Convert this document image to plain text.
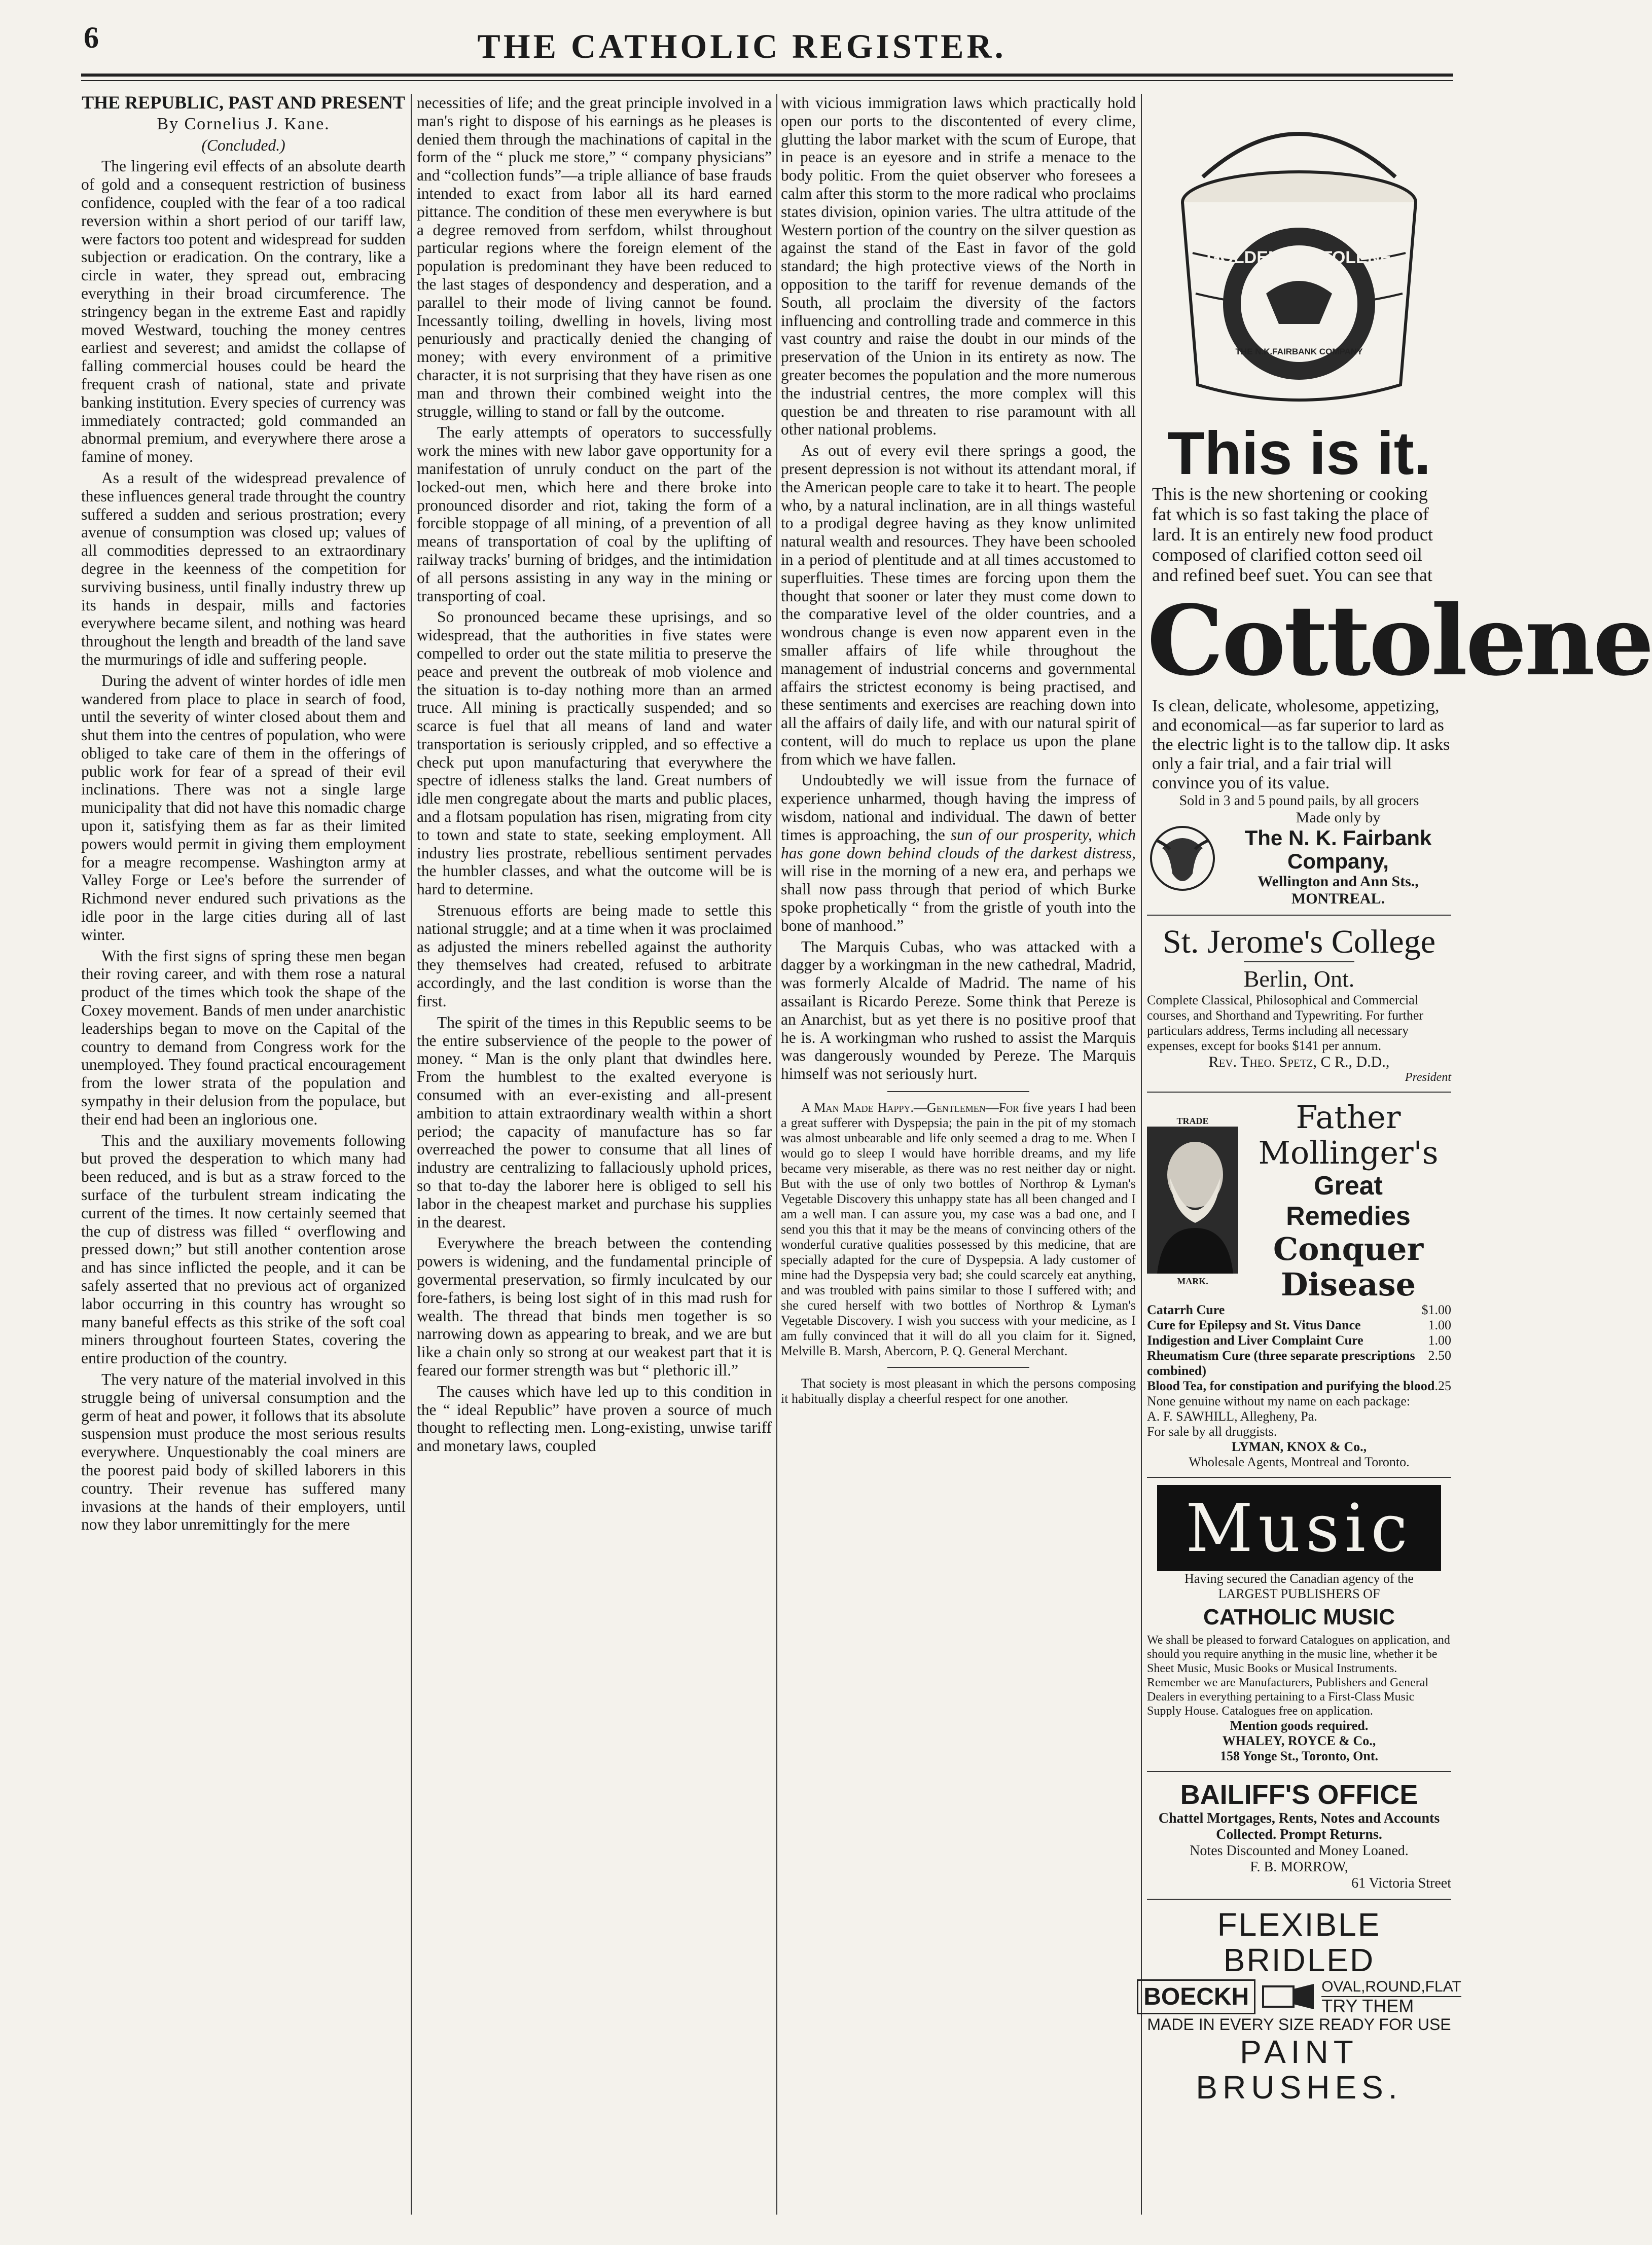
6	THE CATHOLIC REGISTER.

THE REPUBLIC, PAST AND PRESENT

By Cornelius J. Kane.

(Concluded.)

The lingering evil effects of an absolute dearth of gold and a consequent restriction of business confidence, coupled with the fear of a too radical reversion within a short period of our tariff law, were factors too potent and widespread for sudden subjection or eradication. On the contrary, like a circle in water, they spread out, embracing everything in their broad circumference. The stringency began in the extreme East and rapidly moved Westward, touching the money centres earliest and severest; and amidst the collapse of falling commercial houses could be heard the frequent crash of national, state and private banking institution. Every species of currency was immediately contracted; gold commanded an abnormal premium, and everywhere there arose a famine of money.

As a result of the widespread prevalence of these influences general trade throught the country suffered a sudden and serious prostration; every avenue of consumption was closed up; values of all commodities depressed to an extraordinary degree in the keenness of the competition for surviving business, until finally industry threw up its hands in despair, mills and factories everywhere became silent, and nothing was heard throughout the length and breadth of the land save the murmurings of idle and suffering people.

During the advent of winter hordes of idle men wandered from place to place in search of food, until the severity of winter closed about them and shut them into the centres of population, who were obliged to take care of them in the offerings of public work for fear of a spread of their evil inclinations. There was not a single large municipality that did not have this nomadic charge upon it, satisfying them as far as their limited powers would permit in giving them employment for a meagre recompense. Washington army at Valley Forge or Lee's before the surrender of Richmond never endured such privations as the idle poor in the large cities during all of last winter.

With the first signs of spring these men began their roving career, and with them rose a natural product of the times which took the shape of the Coxey movement. Bands of men under anarchistic leaderships began to move on the Capital of the country to demand from Congress work for the unemployed. They found practical encouragement from the lower strata of the population and sympathy in their delusion from the populace, but their end had been an inglorious one.

This and the auxiliary movements following but proved the desperation to which many had been reduced, and is but as a straw forced to the surface of the turbulent stream indicating the current of the times. It now certainly seemed that the cup of distress was filled “ overflowing and pressed down;” but still another contention arose and has since inflicted the people, and it can be safely asserted that no previous act of organized labor occurring in this country has wrought so many baneful effects as this strike of the soft coal miners throughout fourteen States, covering the entire production of the country.

The very nature of the material involved in this struggle being of universal consumption and the germ of heat and power, it follows that its absolute suspension must produce the most serious results everywhere. Unquestionably the coal miners are the poorest paid body of skilled laborers in this country. Their revenue has suffered many invasions at the hands of their employers, until now they labor unremittingly for the mere

necessities of life; and the great principle involved in a man's right to dispose of his earnings as he pleases is denied them through the machinations of capital in the form of the “ pluck me store,” “ company physicians” and “collection funds”—a triple alliance of base frauds intended to exact from labor all its hard earned pittance. The condition of these men everywhere is but a degree removed from serfdom, whilst throughout particular regions where the foreign element of the population is predominant they have been reduced to the last stages of despondency and desperation, and a parallel to their mode of living cannot be found. Incessantly toiling, dwelling in hovels, living most penuriously and practically denied the changing of money; with every environment of a primitive character, it is not surprising that they have risen as one man and thrown their combined weight into the struggle, willing to stand or fall by the outcome.

The early attempts of operators to successfully work the mines with new labor gave opportunity for a manifestation of unruly conduct on the part of the locked-out men, which here and there broke into pronounced disorder and riot, taking the form of a forcible stoppage of all mining, of a prevention of all means of transportation of coal by the uplifting of railway tracks' burning of bridges, and the intimidation of all persons assisting in any way in the mining or transporting of coal.

So pronounced became these uprisings, and so widespread, that the authorities in five states were compelled to order out the state militia to preserve the peace and prevent the outbreak of mob violence and the situation is to-day nothing more than an armed truce. All mining is practically suspended; and so scarce is fuel that all means of land and water transportation is seriously crippled, and so effective a check put upon manufacturing that everywhere the spectre of idleness stalks the land. Great numbers of idle men congregate about the marts and public places, and a flotsam population has risen, migrating from city to town and state to state, seeking employment. All industry lies prostrate, rebellious sentiment pervades the humbler classes, and what the outcome will be is hard to determine.

Strenuous efforts are being made to settle this national struggle; and at a time when it was proclaimed as adjusted the miners rebelled against the authority they themselves had created, refused to arbitrate accordingly, and the last condition is worse than the first.

The spirit of the times in this Republic seems to be the entire subservience of the people to the power of money. “ Man is the only plant that dwindles here. From the humblest to the exalted everyone is consumed with an ever-existing and all-present ambition to attain extraordinary wealth within a short period; the capacity of manufacture has so far overreached the power to consume that all lines of industry are centralizing to fallaciously uphold prices, so that to-day the laborer here is obliged to sell his labor in the cheapest market and purchase his supplies in the dearest.

Everywhere the breach between the contending powers is widening, and the fundamental principle of govermental preservation, so firmly inculcated by our fore-fathers, is being lost sight of in this mad rush for wealth. The thread that binds men together is so narrowing down as appearing to break, and we are but like a chain only so strong at our weakest part that it is feared our former strength was but “ plethoric ill.”

The causes which have led up to this condition in the “ ideal Republic” have proven a source of much thought to reflecting men. Long-existing, unwise tariff and monetary laws, coupled

with vicious immigration laws which practically hold open our ports to the discontented of every clime, glutting the labor market with the scum of Europe, that in peace is an eyesore and in strife a menace to the body politic. From the quiet observer who foresees a calm after this storm to the more radical who proclaims states division, opinion varies. The ultra attitude of the Western portion of the country on the silver question as against the stand of the East in favor of the gold standard; the high protective views of the North in opposition to the tariff for revenue demands of the South, all proclaim the diversity of the factors influencing and controlling trade and commerce in this vast country and raise the doubt in our minds of the preservation of the Union in its entirety as now. The greater becomes the population and the more numerous the industrial centres, the more complex will this question be and threaten to rise paramount with all other national problems.

As out of every evil there springs a good, the present depression is not without its attendant moral, if the American people care to take it to heart. The people who, by a natural inclination, are in all things wasteful to a prodigal degree having as they know unlimited natural wealth and resources. They have been schooled in a period of plentitude and at all times accustomed to superfluities. These times are forcing upon them the thought that sooner or later they must come down to the comparative level of the older countries, and a wondrous change is even now apparent even in the smaller affairs of life while throughout the management of industrial concerns and governmental affairs the strictest economy is being practised, and these sentiments and exercises are reaching down into all the affairs of daily life, and with our natural spirit of content, will do much to replace us upon the plane from which we have fallen.

Undoubtedly we will issue from the furnace of experience unharmed, though having the impress of wisdom, national and individual. The dawn of better times is approaching, the sun of our prosperity, which has gone down behind clouds of the darkest distress, will rise in the morning of a new era, and perhaps we shall now pass through that period of which Burke spoke prophetically “ from the gristle of youth into the bone of manhood.”

The Marquis Cubas, who was attacked with a dagger by a workingman in the new cathedral, Madrid, was formerly Alcalde of Madrid. The name of his assailant is Ricardo Pereze. Some think that Pereze is an Anarchist, but as yet there is no positive proof that he is. A workingman who rushed to assist the Marquis was dangerously wounded by Pereze. The Marquis himself was not seriously hurt.

A Man Made Happy.—Gentlemen—For five years I had been a great sufferer with Dyspepsia; the pain in the pit of my stomach was almost unbearable and life only seemed a drag to me. When I would go to sleep I would have horrible dreams, and my life became very miserable, as there was no rest neither day or night. But with the use of only two bottles of Northrop & Lyman's Vegetable Discovery this unhappy state has all been changed and I am a well man. I can assure you, my case was a bad one, and I send you this that it may be the means of convincing others of the wonderful curative qualities possessed by this medicine, that are specially adapted for the cure of Dyspepsia. A lady customer of mine had the Dyspepsia very bad; she could scarcely eat anything, and was troubled with pains similar to those I suffered with; and she cured herself with two bottles of Northrop & Lyman's Vegetable Discovery. I wish you success with your medicine, as I am fully convinced that it will do all you claim for it. Signed, Melville B. Marsh, Abercorn, P. Q. General Merchant.

That society is most pleasant in which the persons composing it habitually display a cheerful respect for one another.

GOLDEN COTTOLENE
THE N.K.FAIRBANK COMPANY
This is it.
This is the new shortening or cooking fat which is so fast taking the place of lard. It is an entirely new food product composed of clarified cotton seed oil and refined beef suet. You can see that
Cottolene
Is clean, delicate, wholesome, appetizing, and economical—as far superior to lard as the electric light is to the tallow dip. It asks only a fair trial, and a fair trial will convince you of its value.
Sold in 3 and 5 pound pails, by all grocers
Made only by
The N. K. Fairbank Company,
Wellington and Ann Sts., MONTREAL.
St. Jerome's College
Berlin, Ont.
Complete Classical, Philosophical and Commercial courses, and Shorthand and Typewriting. For further particulars address, Terms including all necessary expenses, except for books $141 per annum.
Rev. Theo. Spetz, C R., D.D.,
President
TRADE
MARK.
Father Mollinger's
Great
Remedies
Conquer Disease
Catarrh Cure	$1.00
Cure for Epilepsy and St. Vitus Dance	1.00
Indigestion and Liver Complaint Cure	1.00
Rheumatism Cure (three separate prescriptions combined)
2.50
Blood Tea, for constipation and purifying the blood .25
None genuine without my name on each package:
A. F. SAWHILL, Allegheny, Pa.
For sale by all druggists.
LYMAN, KNOX & Co.,
Wholesale Agents, Montreal and Toronto.
Music
Having secured the Canadian agency of the
LARGEST PUBLISHERS OF
CATHOLIC MUSIC
We shall be pleased to forward Catalogues on application, and should you require anything in the music line, whether it be Sheet Music, Music Books or Musical Instruments. Remember we are Manufacturers, Publishers and General Dealers in everything pertaining to a First-Class Music Supply House. Catalogues free on application.
Mention goods required.
WHALEY, ROYCE & Co.,
158 Yonge St., Toronto, Ont.
BAILIFF'S OFFICE
Chattel Mortgages, Rents, Notes and Accounts Collected. Prompt Returns.
Notes Discounted and Money Loaned.
F. B. MORROW,
61 Victoria Street
FLEXIBLE BRIDLED
BOECKH	OVAL,ROUND,FLAT
TRY THEM
MADE IN EVERY SIZE READY FOR USE
PAINT BRUSHES.
